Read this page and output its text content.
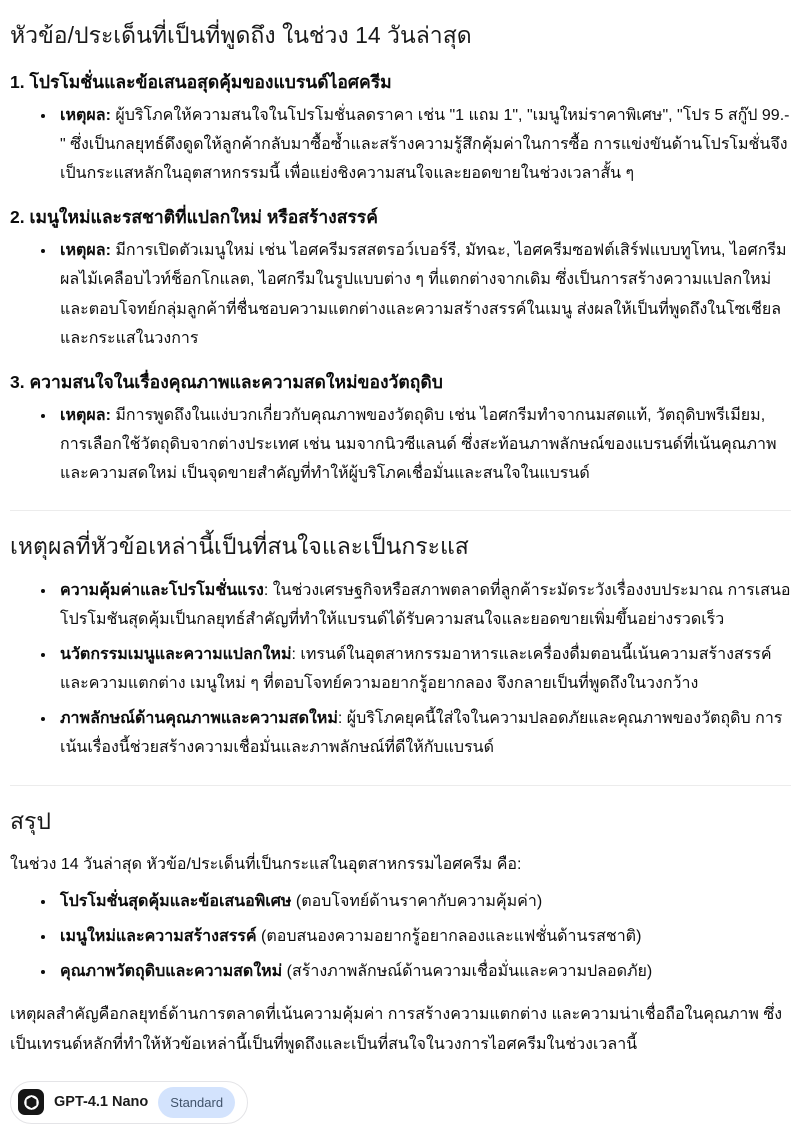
หัวข้อ/ประเด็นที่เป็นที่พูดถึง ในช่วง 14 วันล่าสุด
1. โปรโมชั่นและข้อเสนอสุดคุ้มของแบรนด์ไอศครีม
• เหตุผล: ผู้บริโภคให้ความสนใจในโปรโมชั่นลดราคา เช่น "1 แถม 1", "เมนูใหม่ราคาพิเศษ", "โปร 5 สกู๊ป 99.-" ซึ่งเป็นกลยุทธ์ดึงดูดให้ลูกค้ากลับมาซื้อซ้ำและสร้างความรู้สึกคุ้มค่าในการซื้อ การแข่งขันด้านโปรโมชั่นจึงเป็นกระแสหลักในอุตสาหกรรมนี้ เพื่อแย่งชิงความสนใจและยอดขายในช่วงเวลาสั้น ๆ
2. เมนูใหม่และรสชาติที่แปลกใหม่ หรือสร้างสรรค์
• เหตุผล: มีการเปิดตัวเมนูใหม่ เช่น ไอศครีมรสสตรอว์เบอร์รี, มัทฉะ, ไอศครีมซอฟต์เสิร์ฟแบบทูโทน, ไอศกรีมผลไม้เคลือบไวท์ช็อกโกแลต, ไอศกรีมในรูปแบบต่าง ๆ ที่แตกต่างจากเดิม ซึ่งเป็นการสร้างความแปลกใหม่และตอบโจทย์กลุ่มลูกค้าที่ชื่นชอบความแตกต่างและความสร้างสรรค์ในเมนู ส่งผลให้เป็นที่พูดถึงในโซเชียลและกระแสในวงการ
3. ความสนใจในเรื่องคุณภาพและความสดใหม่ของวัตถุดิบ
• เหตุผล: มีการพูดถึงในแง่บวกเกี่ยวกับคุณภาพของวัตถุดิบ เช่น ไอศกรีมทำจากนมสดแท้, วัตถุดิบพรีเมียม, การเลือกใช้วัตถุดิบจากต่างประเทศ เช่น นมจากนิวซีแลนด์ ซึ่งสะท้อนภาพลักษณ์ของแบรนด์ที่เน้นคุณภาพและความสดใหม่ เป็นจุดขายสำคัญที่ทำให้ผู้บริโภคเชื่อมั่นและสนใจในแบรนด์
เหตุผลที่หัวข้อเหล่านี้เป็นที่สนใจและเป็นกระแส
• ความคุ้มค่าและโปรโมชั่นแรง: ในช่วงเศรษฐกิจหรือสภาพตลาดที่ลูกค้าระมัดระวังเรื่องงบประมาณ การเสนอโปรโมชันสุดคุ้มเป็นกลยุทธ์สำคัญที่ทำให้แบรนด์ได้รับความสนใจและยอดขายเพิ่มขึ้นอย่างรวดเร็ว
• นวัตกรรมเมนูและความแปลกใหม่: เทรนด์ในอุตสาหกรรมอาหารและเครื่องดื่มตอนนี้เน้นความสร้างสรรค์และความแตกต่าง เมนูใหม่ ๆ ที่ตอบโจทย์ความอยากรู้อยากลอง จึงกลายเป็นที่พูดถึงในวงกว้าง
• ภาพลักษณ์ด้านคุณภาพและความสดใหม่: ผู้บริโภคยุคนี้ใส่ใจในความปลอดภัยและคุณภาพของวัตถุดิบ การเน้นเรื่องนี้ช่วยสร้างความเชื่อมั่นและภาพลักษณ์ที่ดีให้กับแบรนด์
สรุป

ในช่วง 14 วันล่าสุด หัวข้อ/ประเด็นที่เป็นกระแสในอุตสาหกรรมไอศครีม คือ:

• โปรโมชั่นสุดคุ้มและข้อเสนอพิเศษ (ตอบโจทย์ด้านราคากับความคุ้มค่า)
• เมนูใหม่และความสร้างสรรค์ (ตอบสนองความอยากรู้อยากลองและแฟชั่นด้านรสชาติ)
• คุณภาพวัตถุดิบและความสดใหม่ (สร้างภาพลักษณ์ด้านความเชื่อมั่นและความปลอดภัย)

เหตุผลสำคัญคือกลยุทธ์ด้านการตลาดที่เน้นความคุ้มค่า การสร้างความแตกต่าง และความน่าเชื่อถือในคุณภาพ ซึ่งเป็นเทรนด์หลักที่ทำให้หัวข้อเหล่านี้เป็นที่พูดถึงและเป็นที่สนใจในวงการไอศครีมในช่วงเวลานี้

GPT-4.1 Nano	Standard
